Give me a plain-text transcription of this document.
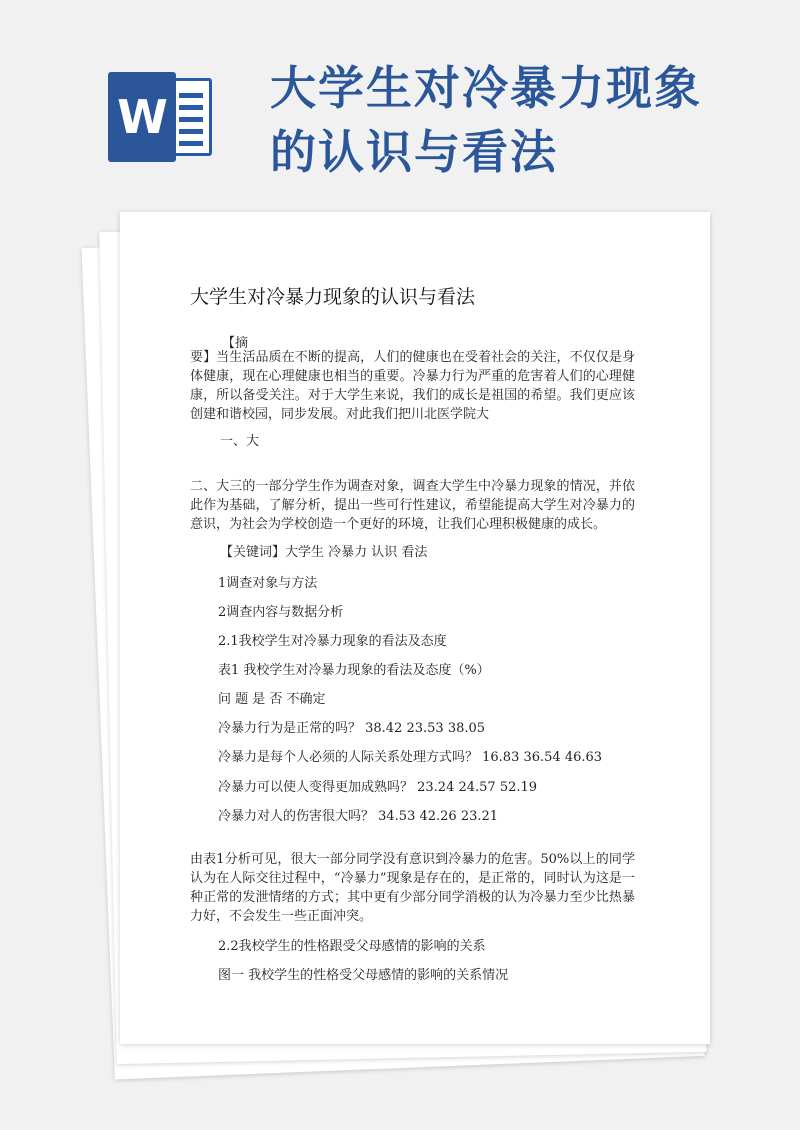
W
大学生对冷暴力现象的认识与看法
大学生对冷暴力现象的认识与看法

【摘

要】当生活品质在不断的提高，人们的健康也在受着社会的关注，不仅仅是身体健康，现在心理健康也相当的重要。冷暴力行为严重的危害着人们的心理健康，所以备受关注。对于大学生来说，我们的成长是祖国的希望。我们更应该创建和谐校园，同步发展。对此我们把川北医学院大

一、大

二、大三的一部分学生作为调查对象，调查大学生中冷暴力现象的情况，并依此作为基础，了解分析，提出一些可行性建议，希望能提高大学生对冷暴力的意识，为社会为学校创造一个更好的环境，让我们心理积极健康的成长。

【关键词】大学生 冷暴力 认识 看法

1调查对象与方法

2调查内容与数据分析

2.1我校学生对冷暴力现象的看法及态度

表1 我校学生对冷暴力现象的看法及态度（%）

问 题 是 否 不确定

冷暴力行为是正常的吗？ 38.42 23.53 38.05

冷暴力是每个人必须的人际关系处理方式吗？ 16.83 36.54 46.63

冷暴力可以使人变得更加成熟吗？ 23.24 24.57 52.19

冷暴力对人的伤害很大吗？ 34.53 42.26 23.21

由表1分析可见，很大一部分同学没有意识到冷暴力的危害。50%以上的同学认为在人际交往过程中，“冷暴力”现象是存在的，是正常的，同时认为这是一种正常的发泄情绪的方式；其中更有少部分同学消极的认为冷暴力至少比热暴力好，不会发生一些正面冲突。

2.2我校学生的性格跟受父母感情的影响的关系

图一 我校学生的性格受父母感情的影响的关系情况
